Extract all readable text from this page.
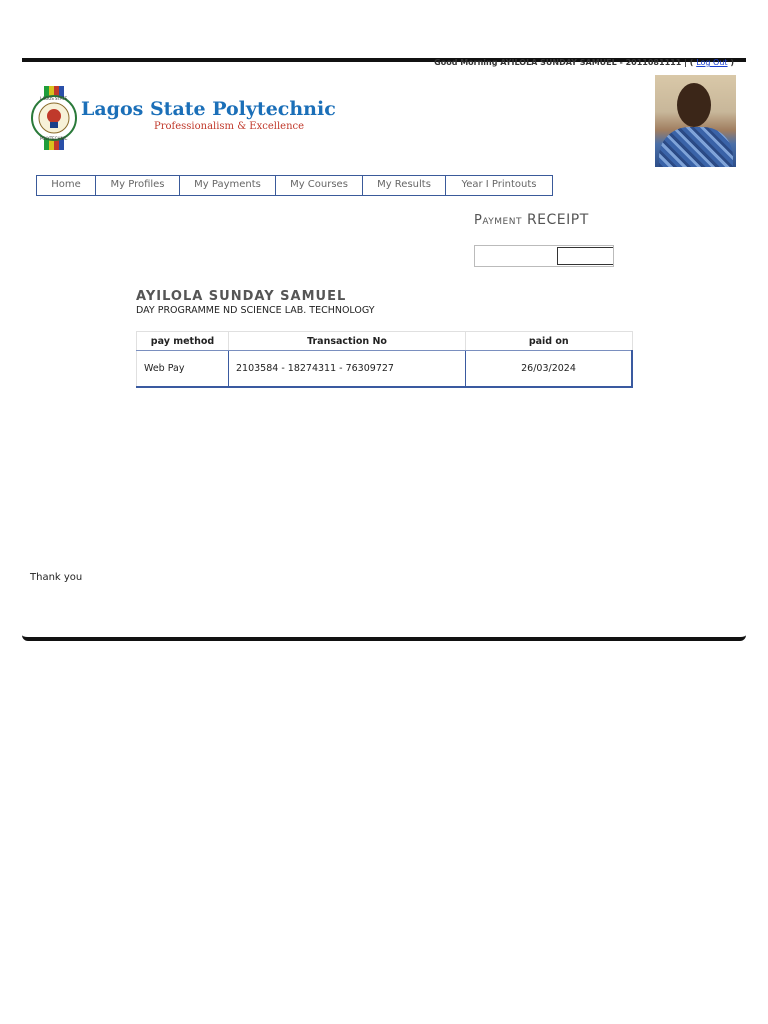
Good Morning AYILOLA SUNDAY SAMUEL - 2011081111 | ( Log Out )
LAGOS STATE
POLYTECHNIC
Lagos State Polytechnic
Professionalism & Excellence
Home	My Profiles	My Payments	My Courses	My Results	Year I Printouts
Payment RECEIPT
AYILOLA SUNDAY SAMUEL
DAY PROGRAMME ND SCIENCE LAB. TECHNOLOGY
pay method	Transaction No	paid on
Web Pay	2103584 - 18274311 - 76309727	26/03/2024
Thank you
